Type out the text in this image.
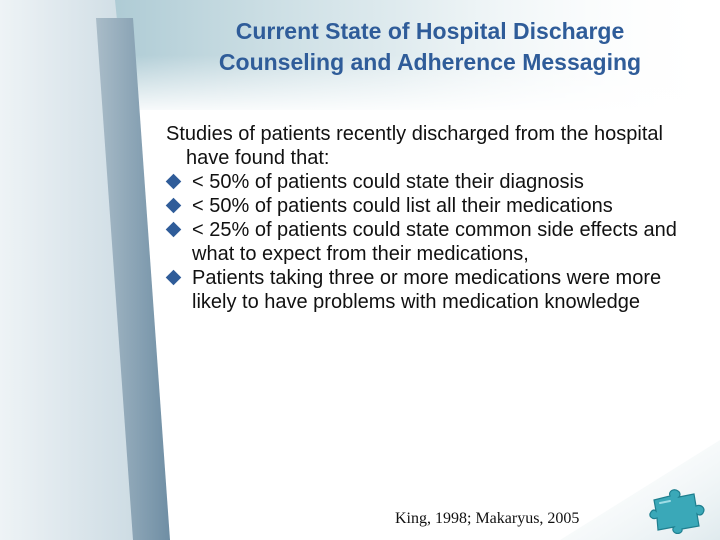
Current State of Hospital Discharge
Counseling and Adherence Messaging
Studies of patients recently discharged from the hospital have found that:
< 50% of patients could state their diagnosis
< 50% of patients could list all their medications
< 25% of patients could state common side effects and what to expect from their medications,
Patients taking three or more medications were more likely to have problems with medication knowledge
King, 1998; Makaryus, 2005
